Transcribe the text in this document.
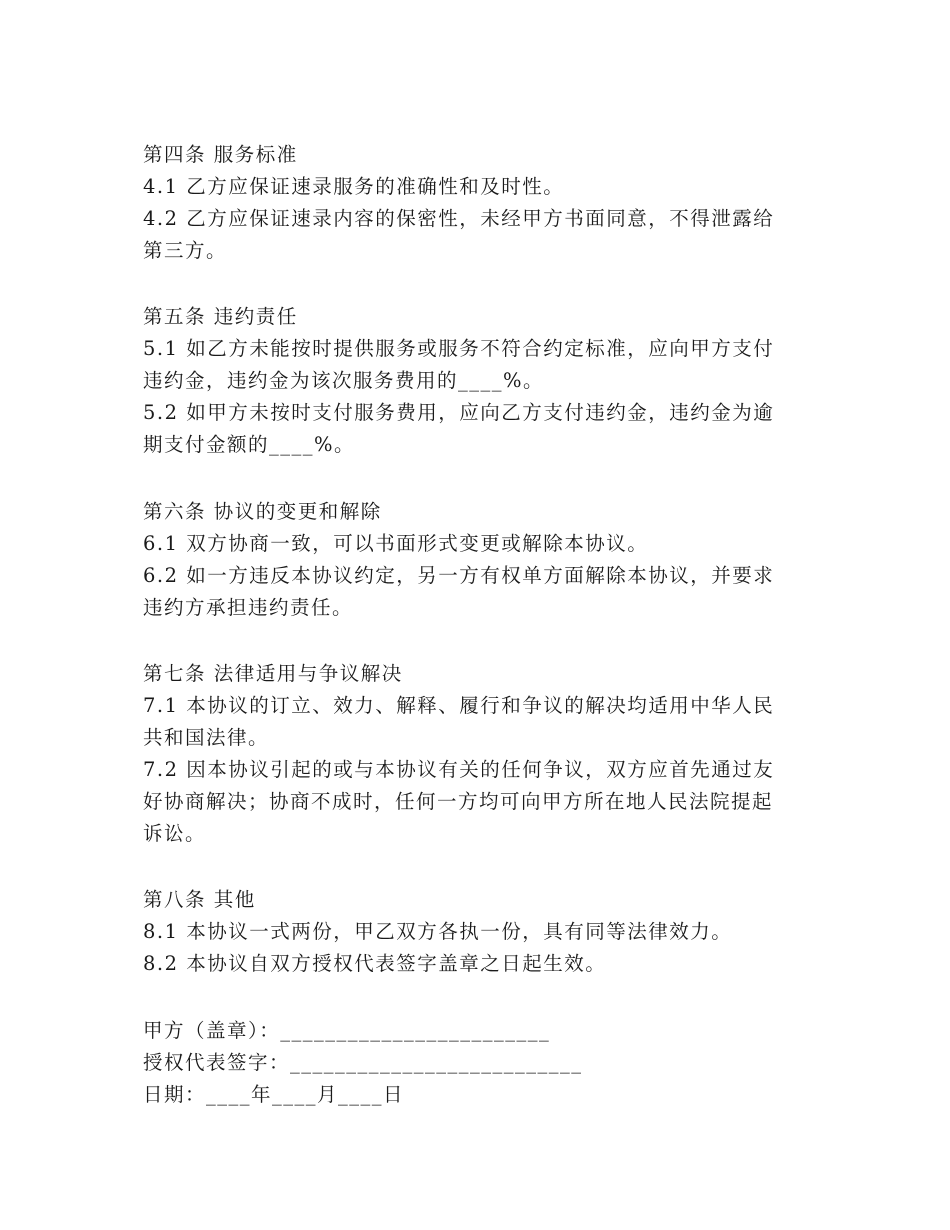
第四条 服务标准
4.1 乙方应保证速录服务的准确性和及时性。
4.2 乙方应保证速录内容的保密性，未经甲方书面同意，不得泄露给
第三方。
第五条 违约责任
5.1 如乙方未能按时提供服务或服务不符合约定标准，应向甲方支付
违约金，违约金为该次服务费用的____%。
5.2 如甲方未按时支付服务费用，应向乙方支付违约金，违约金为逾
期支付金额的____%。
第六条 协议的变更和解除
6.1 双方协商一致，可以书面形式变更或解除本协议。
6.2 如一方违反本协议约定，另一方有权单方面解除本协议，并要求
违约方承担违约责任。
第七条 法律适用与争议解决
7.1 本协议的订立、效力、解释、履行和争议的解决均适用中华人民
共和国法律。
7.2 因本协议引起的或与本协议有关的任何争议，双方应首先通过友
好协商解决；协商不成时，任何一方均可向甲方所在地人民法院提起
诉讼。
第八条 其他
8.1 本协议一式两份，甲乙双方各执一份，具有同等法律效力。
8.2 本协议自双方授权代表签字盖章之日起生效。
甲方（盖章）：________________________
授权代表签字：__________________________
日期：____年____月____日
